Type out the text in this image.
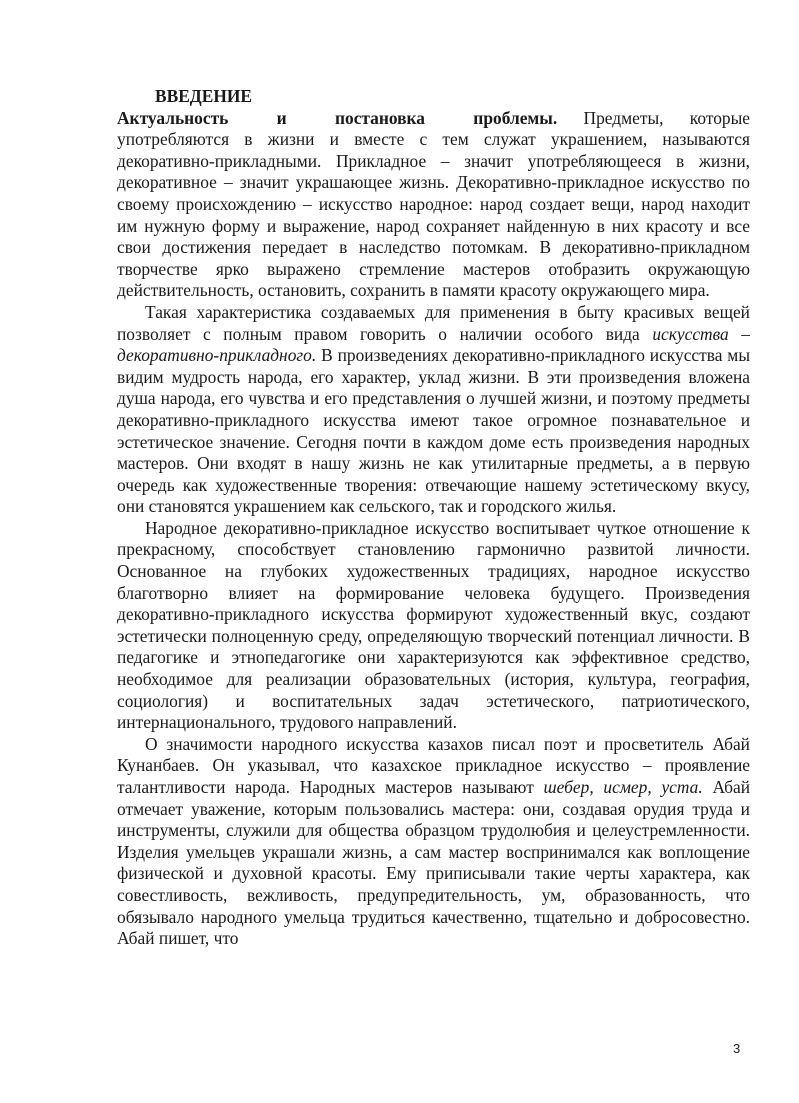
ВВЕДЕНИЕ

Актуальность и постановка проблемы. Предметы, которые употребляются в жизни и вместе с тем служат украшением, называются декоративно-прикладными. Прикладное – значит употребляющееся в жизни, декоративное – значит украшающее жизнь. Декоративно-прикладное искусство по своему происхождению – искусство народное: народ создает вещи, народ находит им нужную форму и выражение, народ сохраняет найденную в них красоту и все свои достижения передает в наследство потомкам. В декоративно-прикладном творчестве ярко выражено стремление мастеров отобразить окружающую действительность, остановить, сохранить в памяти красоту окружающего мира.

Такая характеристика создаваемых для применения в быту красивых вещей позволяет с полным правом говорить о наличии особого вида искусства – декоративно-прикладного. В произведениях декоративно-прикладного искусства мы видим мудрость народа, его характер, уклад жизни. В эти произведения вложена душа народа, его чувства и его представления о лучшей жизни, и поэтому предметы декоративно-прикладного искусства имеют такое огромное познавательное и эстетическое значение. Сегодня почти в каждом доме есть произведения народных мастеров. Они входят в нашу жизнь не как утилитарные предметы, а в первую очередь как художественные творения: отвечающие нашему эстетическому вкусу, они становятся украшением как сельского, так и городского жилья.

Народное декоративно-прикладное искусство воспитывает чуткое отношение к прекрасному, способствует становлению гармонично развитой личности. Основанное на глубоких художественных традициях, народное искусство благотворно влияет на формирование человека будущего. Произведения декоративно-прикладного искусства формируют художественный вкус, создают эстетически полноценную среду, определяющую творческий потенциал личности. В педагогике и этнопедагогике они характеризуются как эффективное средство, необходимое для реализации образовательных (история, культура, география, социология) и воспитательных задач эстетического, патриотического, интернационального, трудового направлений.

О значимости народного искусства казахов писал поэт и просветитель Абай Кунанбаев. Он указывал, что казахское прикладное искусство – проявление талантливости народа. Народных мастеров называют шебер, исмер, уста. Абай отмечает уважение, которым пользовались мастера: они, создавая орудия труда и инструменты, служили для общества образцом трудолюбия и целеустремленности. Изделия умельцев украшали жизнь, а сам мастер воспринимался как воплощение физической и духовной красоты. Ему приписывали такие черты характера, как совестливость, вежливость, предупредительность, ум, образованность, что обязывало народного умельца трудиться качественно, тщательно и добросовестно. Абай пишет, что

3
